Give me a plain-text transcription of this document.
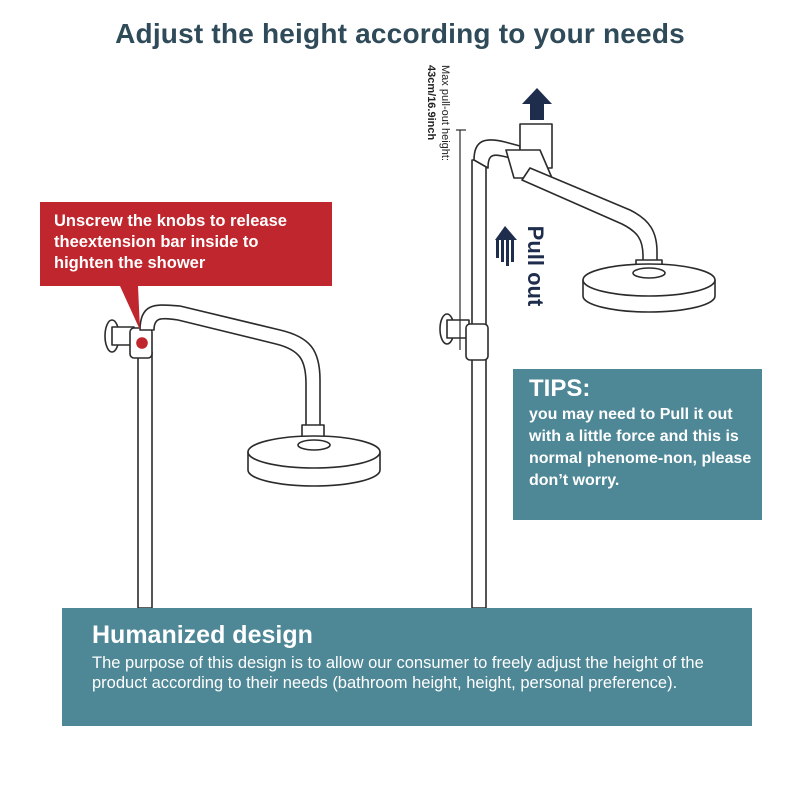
Adjust the height according to your needs
Unscrew the knobs to release theextension bar inside to highten the shower
Max pull-out height:
43cm/16.9inch
Pull out
TIPS:
you may need to Pull it out with a little force and this is normal phenome-non, please don’t worry.
Humanized design
The purpose of this design is to allow our consumer to freely adjust the height of the product according to their needs (bathroom height, height, personal preference).
